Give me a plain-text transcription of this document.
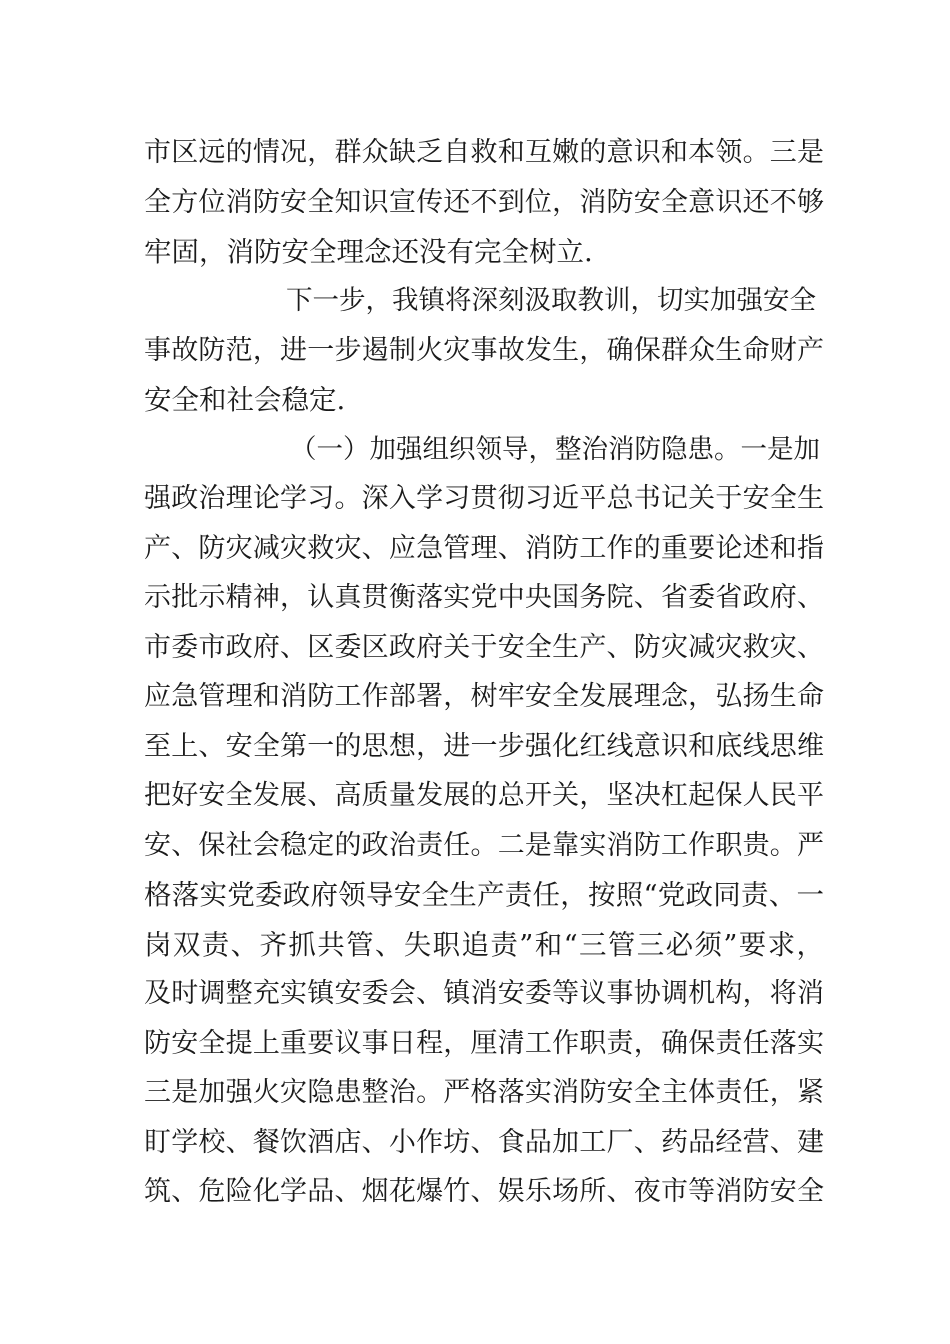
市区远的情况，群众缺乏自救和互嫩的意识和本领。三是
全方位消防安全知识宣传还不到位，消防安全意识还不够
牢固，消防安全理念还没有完全树立.
下一步，我镇将深刻汲取教训，切实加强安全
事故防范，进一步遏制火灾事故发生，确保群众生命财产
安全和社会稳定.
（一）加强组织领导，整治消防隐患。一是加
强政治理论学习。深入学习贯彻习近平总书记关于安全生
产、防灾减灾救灾、应急管理、消防工作的重要论述和指
示批示精神，认真贯衡落实党中央国务院、省委省政府、
市委市政府、区委区政府关于安全生产、防灾减灾救灾、
应急管理和消防工作部署，树牢安全发展理念，弘扬生命
至上、安全第一的思想，进一步强化红线意识和底线思维
把好安全发展、高质量发展的总开关，坚决杠起保人民平
安、保社会稳定的政治责任。二是靠实消防工作职贵。严
格落实党委政府领导安全生产责任，按照“党政同责、一
岗双责、齐抓共管、失职追责”和“三管三必须”要求，
及时调整充实镇安委会、镇消安委等议事协调机构，将消
防安全提上重要议事日程，厘清工作职责，确保责任落实
三是加强火灾隐患整治。严格落实消防安全主体责任，紧
盯学校、餐饮酒店、小作坊、食品加工厂、药品经营、建
筑、危险化学品、烟花爆竹、娱乐场所、夜市等消防安全
